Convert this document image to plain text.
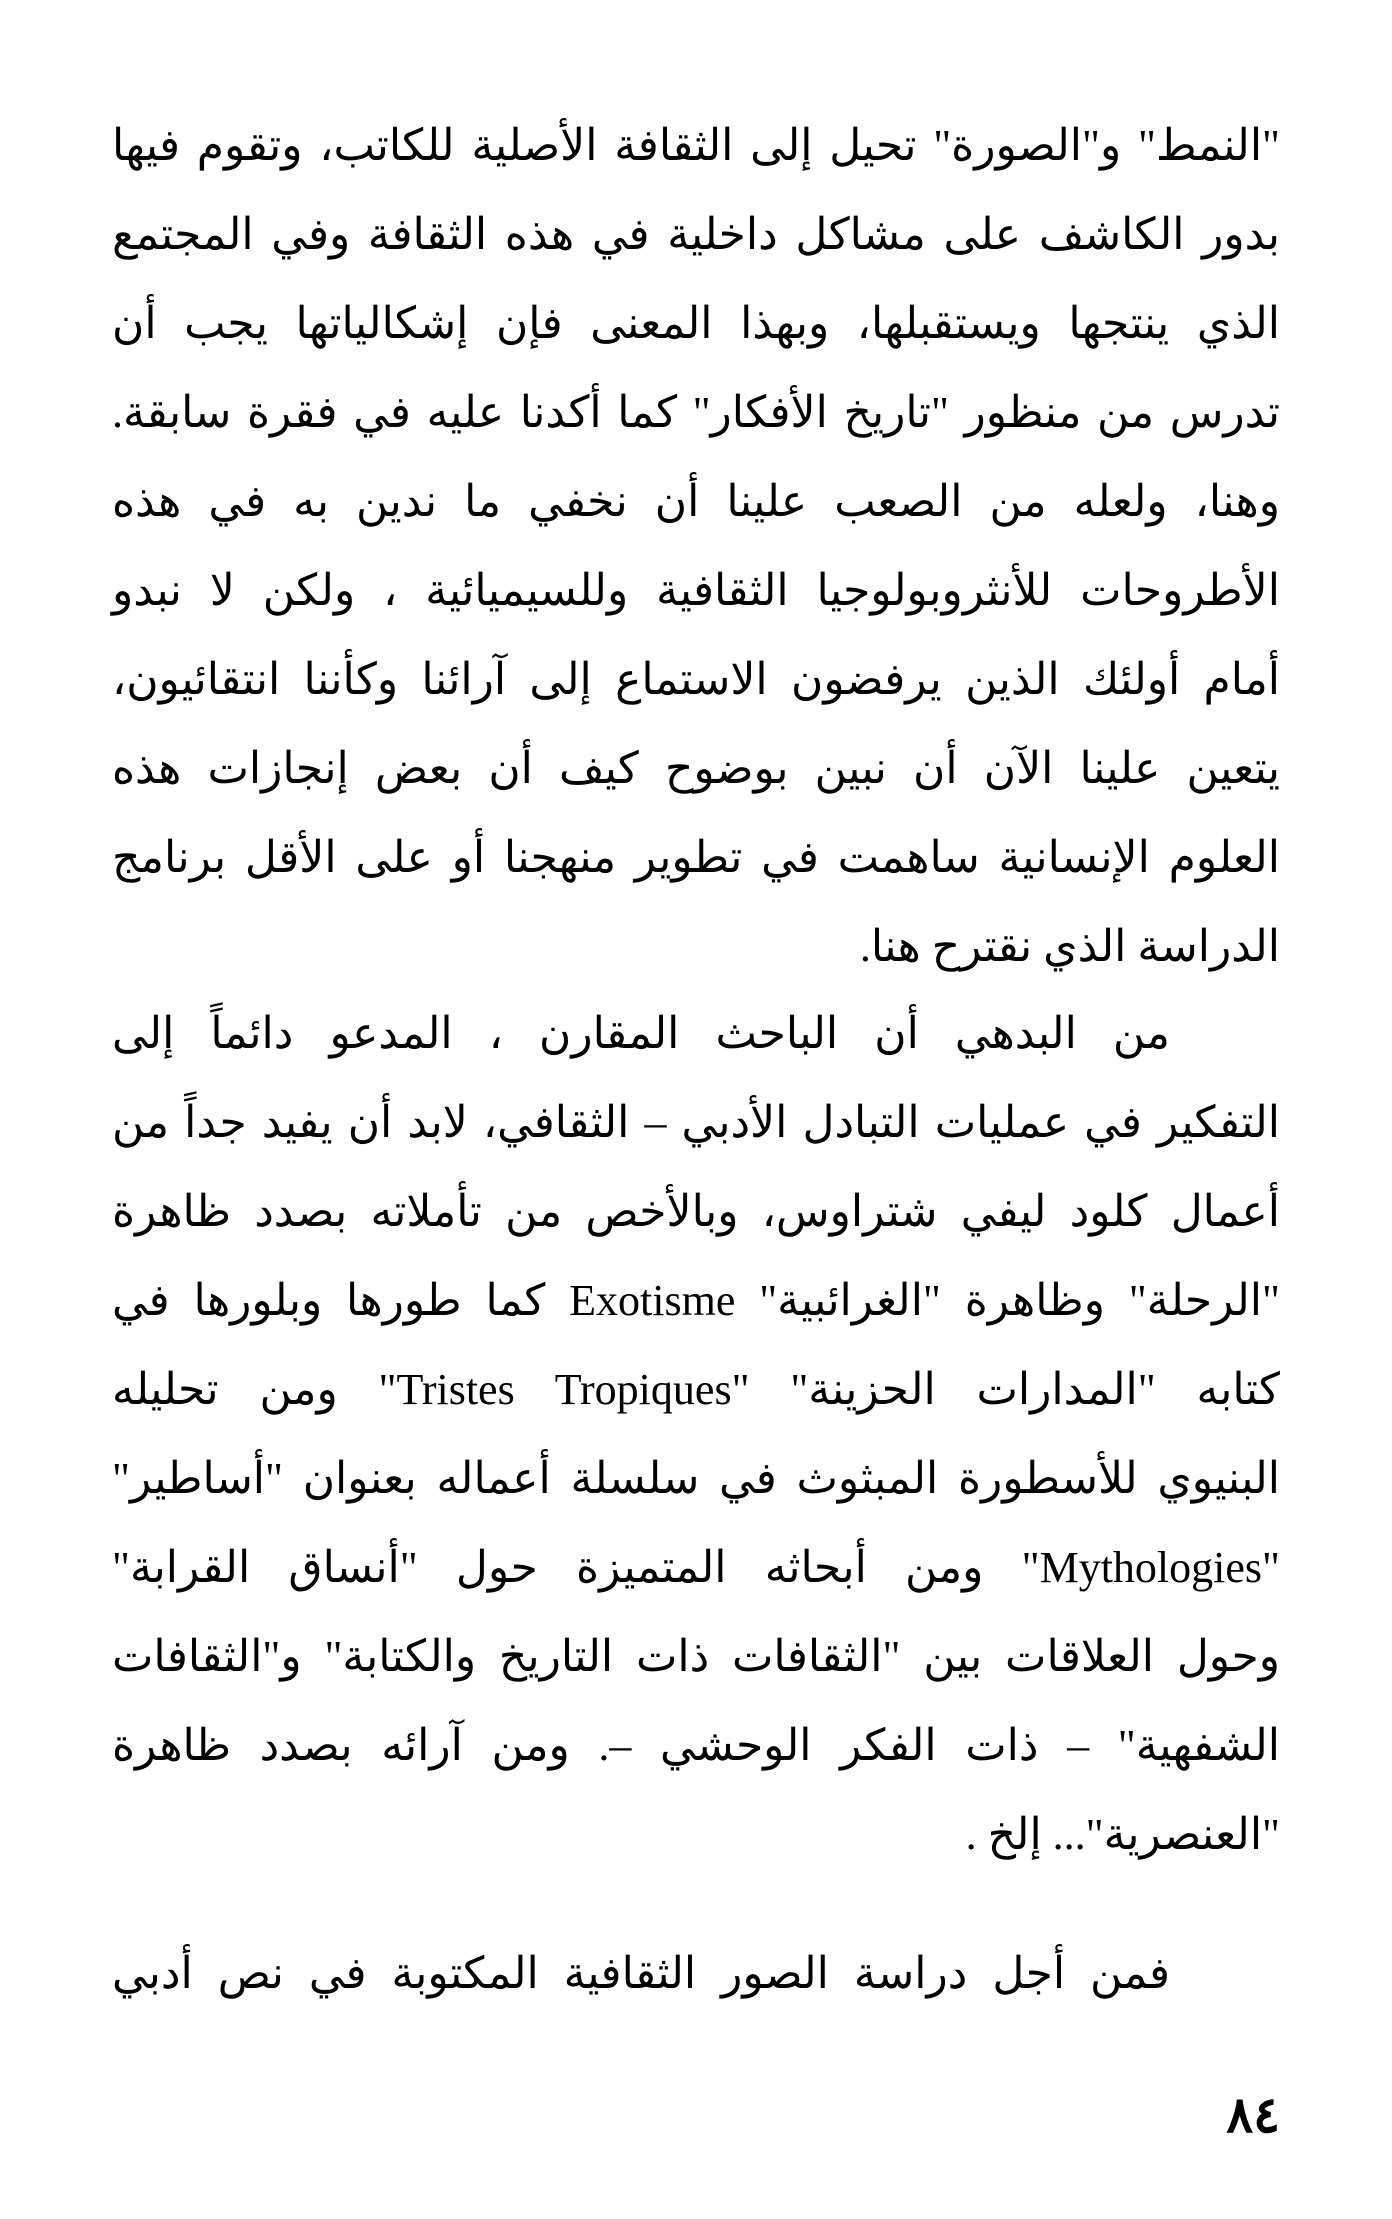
"النمط" و"الصورة" تحيل إلى الثقافة الأصلية للكاتب، وتقوم فيها
بدور الكاشف على مشاكل داخلية في هذه الثقافة وفي المجتمع
الذي ينتجها ويستقبلها، وبهذا المعنى فإن إشكالياتها يجب أن
تدرس من منظور "تاريخ الأفكار" كما أكدنا عليه في فقرة سابقة.
وهنا، ولعله من الصعب علينا أن نخفي ما ندين به في هذه
الأطروحات للأنثروبولوجيا الثقافية وللسيميائية ، ولكن لا نبدو
أمام أولئك الذين يرفضون الاستماع إلى آرائنا وكأننا انتقائيون،
يتعين علينا الآن أن نبين بوضوح كيف أن بعض إنجازات هذه
العلوم الإنسانية ساهمت في تطوير منهجنا أو على الأقل برنامج
الدراسة الذي نقترح هنا.
من البدهي أن الباحث المقارن ، المدعو دائماً إلى
التفكير في عمليات التبادل الأدبي – الثقافي، لابد أن يفيد جداً من
أعمال كلود ليفي شتراوس، وبالأخص من تأملاته بصدد ظاهرة
"الرحلة" وظاهرة "الغرائبية" Exotisme كما طورها وبلورها في
كتابه "المدارات الحزينة" "Tristes Tropiques" ومن تحليله
البنيوي للأسطورة المبثوث في سلسلة أعماله بعنوان "أساطير"
"Mythologies" ومن أبحاثه المتميزة حول "أنساق القرابة"
وحول العلاقات بين "الثقافات ذات التاريخ والكتابة" و"الثقافات
الشفهية" – ذات الفكر الوحشي –. ومن آرائه بصدد ظاهرة
"العنصرية"... إلخ .
فمن أجل دراسة الصور الثقافية المكتوبة في نص أدبي
٨٤
